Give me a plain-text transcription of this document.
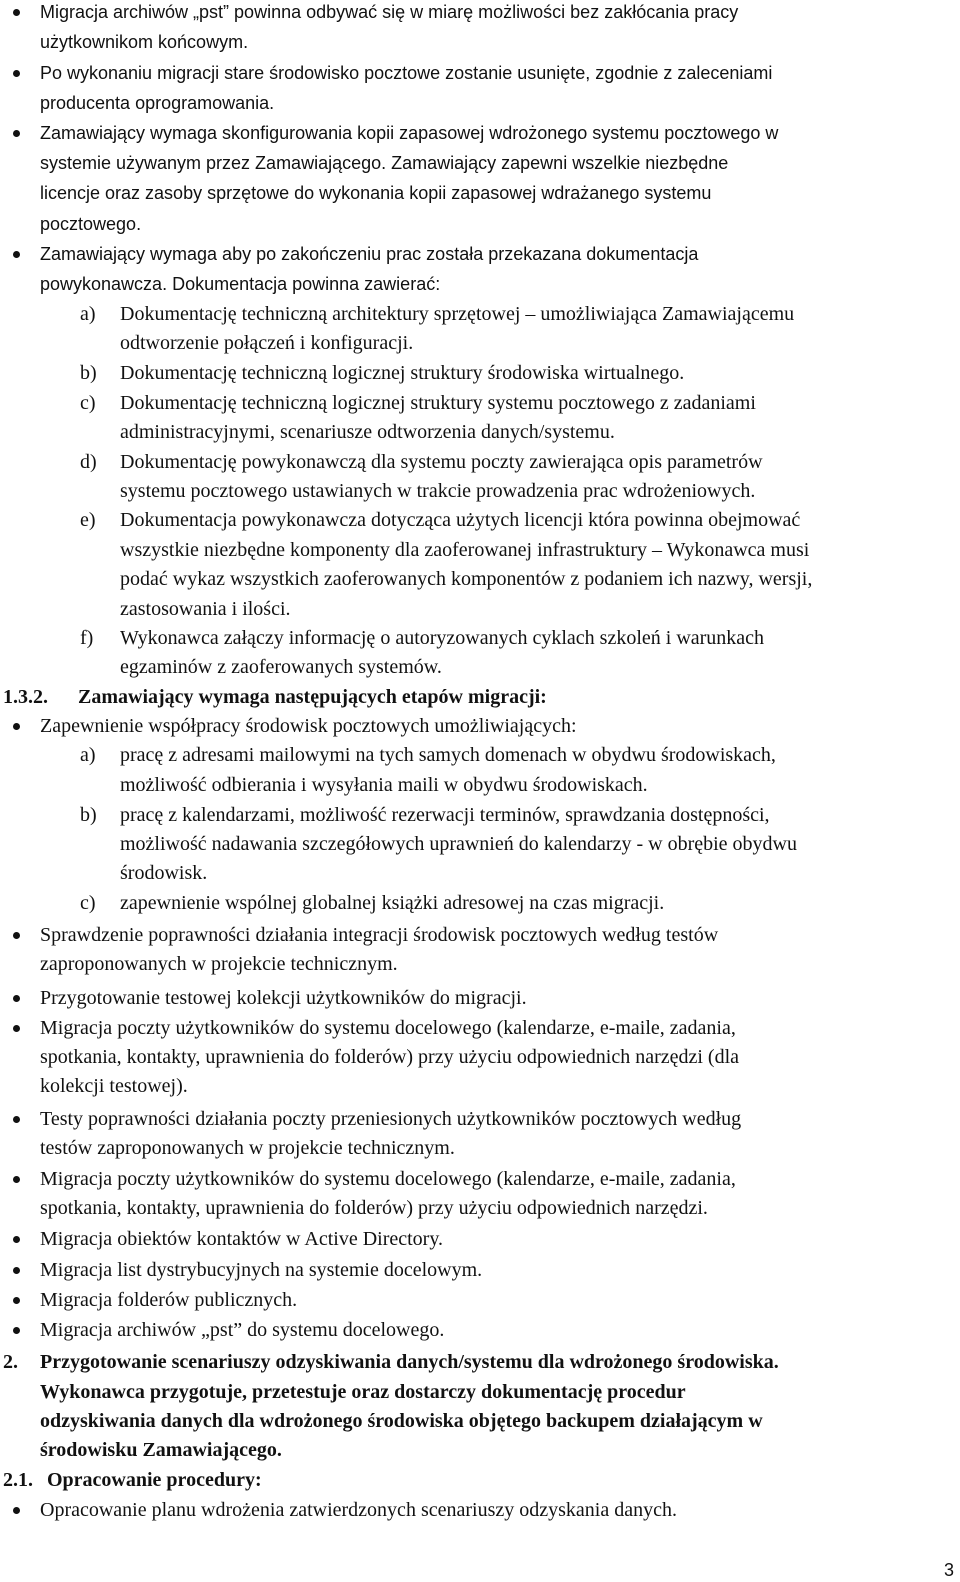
Migracja archiwów „pst” powinna odbywać się w miarę możliwości bez zakłócania pracy

użytkownikom końcowym.

Po wykonaniu migracji stare środowisko pocztowe zostanie usunięte, zgodnie z zaleceniami

producenta oprogramowania.

Zamawiający wymaga skonfigurowania kopii zapasowej wdrożonego systemu pocztowego w

systemie używanym przez Zamawiającego. Zamawiający zapewni wszelkie niezbędne

licencje oraz zasoby sprzętowe do wykonania kopii zapasowej wdrażanego systemu

pocztowego.

Zamawiający wymaga aby po zakończeniu prac została przekazana dokumentacja

powykonawcza. Dokumentacja powinna zawierać:

a) Dokumentację techniczną architektury sprzętowej – umożliwiająca Zamawiającemu

odtworzenie połączeń i konfiguracji.

b) Dokumentację techniczną logicznej struktury środowiska wirtualnego.

c) Dokumentację techniczną logicznej struktury systemu pocztowego z zadaniami

administracyjnymi, scenariusze odtworzenia danych/systemu.

d) Dokumentację powykonawczą dla systemu poczty zawierająca opis parametrów

systemu pocztowego ustawianych w trakcie prowadzenia prac wdrożeniowych.

e) Dokumentacja powykonawcza dotycząca użytych licencji która powinna obejmować

wszystkie niezbędne komponenty dla zaoferowanej infrastruktury – Wykonawca musi

podać wykaz wszystkich zaoferowanych komponentów z podaniem ich nazwy, wersji,

zastosowania i ilości.

f) Wykonawca załączy informację o autoryzowanych cyklach szkoleń i warunkach

egzaminów z zaoferowanych systemów.

1.3.2. Zamawiający wymaga następujących etapów migracji:

Zapewnienie współpracy środowisk pocztowych umożliwiających:

a) pracę z adresami mailowymi na tych samych domenach w obydwu środowiskach,

możliwość odbierania i wysyłania maili w obydwu środowiskach.

b) pracę z kalendarzami, możliwość rezerwacji terminów, sprawdzania dostępności,

możliwość nadawania szczegółowych uprawnień do kalendarzy - w obrębie obydwu

środowisk.

c) zapewnienie wspólnej globalnej książki adresowej na czas migracji.

Sprawdzenie poprawności działania integracji środowisk pocztowych według testów

zaproponowanych w projekcie technicznym.

Przygotowanie testowej kolekcji użytkowników do migracji.

Migracja poczty użytkowników do systemu docelowego (kalendarze, e-maile, zadania,

spotkania, kontakty, uprawnienia do folderów) przy użyciu odpowiednich narzędzi (dla

kolekcji testowej).

Testy poprawności działania poczty przeniesionych użytkowników pocztowych według

testów zaproponowanych w projekcie technicznym.

Migracja poczty użytkowników do systemu docelowego (kalendarze, e-maile, zadania,

spotkania, kontakty, uprawnienia do folderów) przy użyciu odpowiednich narzędzi.

Migracja obiektów kontaktów w Active Directory.

Migracja list dystrybucyjnych na systemie docelowym.

Migracja folderów publicznych.

Migracja archiwów „pst” do systemu docelowego.

2. Przygotowanie scenariuszy odzyskiwania danych/systemu dla wdrożonego środowiska.

Wykonawca przygotuje, przetestuje oraz dostarczy dokumentację procedur

odzyskiwania danych dla wdrożonego środowiska objętego backupem działającym w

środowisku Zamawiającego.

2.1. Opracowanie procedury:

Opracowanie planu wdrożenia zatwierdzonych scenariuszy odzyskania danych.

3
